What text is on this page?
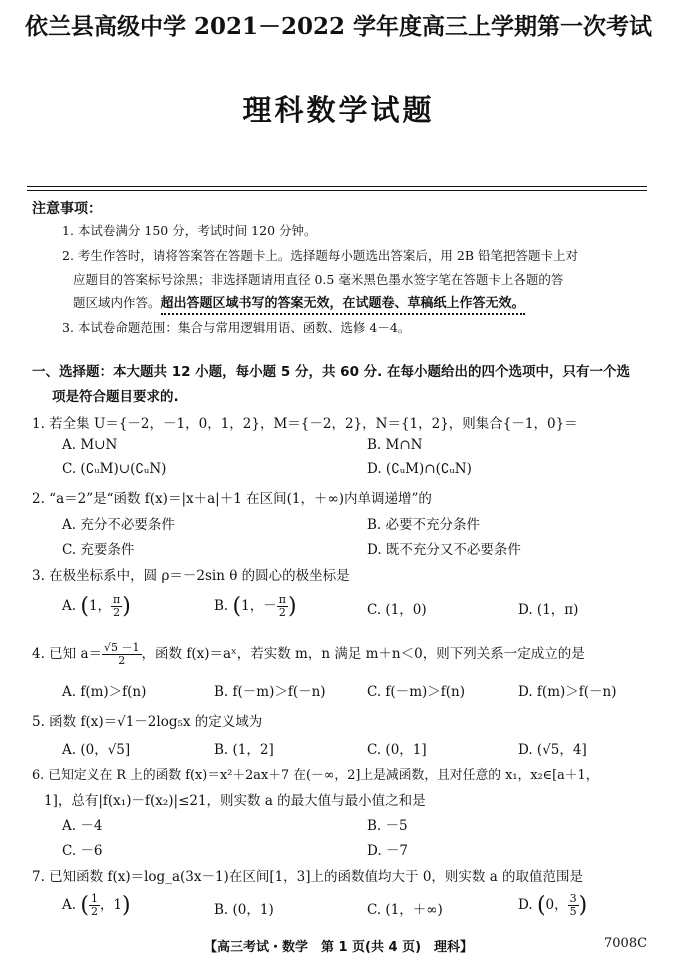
依兰县高级中学 2021－2022 学年度高三上学期第一次考试
理科数学试题
注意事项：
1. 本试卷满分 150 分，考试时间 120 分钟。
2. 考生作答时，请将答案答在答题卡上。选择题每小题选出答案后，用 2B 铅笔把答题卡上对
应题目的答案标号涂黑；非选择题请用直径 0.5 毫米黑色墨水签字笔在答题卡上各题的答
题区域内作答。超出答题区域书写的答案无效，在试题卷、草稿纸上作答无效。
3. 本试卷命题范围：集合与常用逻辑用语、函数、选修 4－4。
一、选择题：本大题共 12 小题，每小题 5 分，共 60 分. 在每小题给出的四个选项中，只有一个选
项是符合题目要求的.
1. 若全集 U＝{－2，－1，0，1，2}，M＝{－2，2}，N＝{1，2}，则集合{－1，0}＝
A. M∪N	B. M∩N
C. (∁ᵤM)∪(∁ᵤN)	D. (∁ᵤM)∩(∁ᵤN)
2. “a＝2”是“函数 f(x)＝|x＋a|＋1 在区间(1，＋∞)内单调递增”的
A. 充分不必要条件	B. 必要不充分条件
C. 充要条件	D. 既不充分又不必要条件
3. 在极坐标系中，圆 ρ＝－2sin θ 的圆心的极坐标是
A. (1， $\frac{\pi}{2}$ )	B. (1，－ $\frac{\pi}{2}$ )	C. (1，0)	D. (1，π)
4. 已知 $a= \frac{√5 -1}{2}$ ，函数 f(x)＝aˣ，若实数 m，n 满足 m＋n＜0，则下列关系一定成立的是
A. f(m)＞f(n)	B. f(－m)＞f(－n)	C. f(－m)＞f(n)	D. f(m)＞f(－n)
5. 函数 f(x)＝√1－2log₅x 的定义域为
A. (0，√5]	B. (1，2]	C. (0，1]	D. (√5，4]
6. 已知定义在 R 上的函数 f(x)＝x²＋2ax＋7 在(－∞，2]上是减函数，且对任意的 x₁，x₂∈[a＋1，
1]，总有|f(x₁)－f(x₂)|≤21，则实数 a 的最大值与最小值之和是
A. －4	B. －5
C. －6	D. －7
7. 已知函数 f(x)＝log_a(3x－1)在区间[1，3]上的函数值均大于 0，则实数 a 的取值范围是
A. ( $\frac{1}{2}$ ，1)	B. (0，1)	C. (1，＋∞)	D. (0， $\frac{3}{5}$ )
【高三考试・数学　第 1 页(共 4 页)　理科】	7008C
